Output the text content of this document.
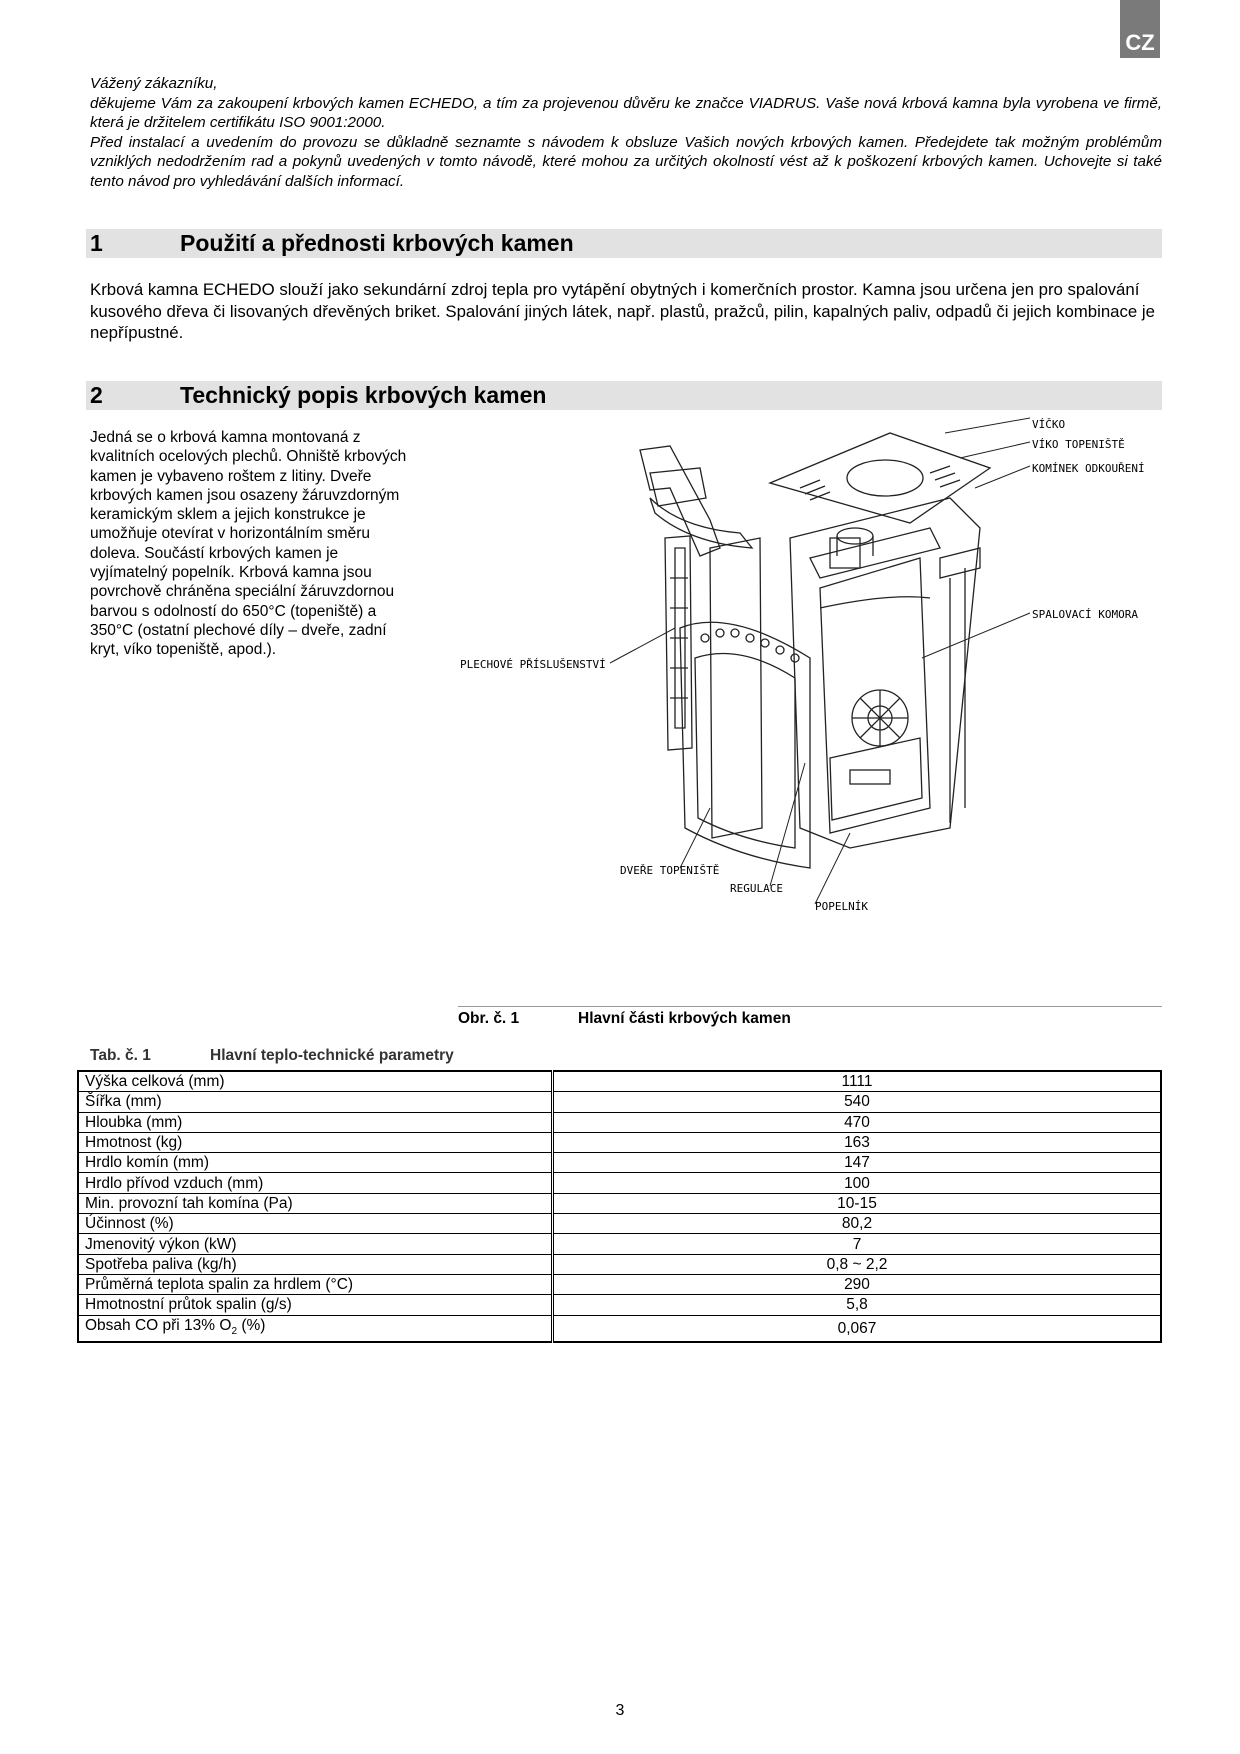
CZ

Vážený zákazníku,

děkujeme Vám za zakoupení krbových kamen ECHEDO, a tím za projevenou důvěru ke značce VIADRUS. Vaše nová krbová kamna byla vyrobena ve firmě, která je držitelem certifikátu ISO 9001:2000.

Před instalací a uvedením do provozu se důkladně seznamte s návodem k obsluze Vašich nových krbových kamen. Předejdete tak možným problémům vzniklých nedodržením rad a pokynů uvedených v tomto návodě, které mohou za určitých okolností vést až k poškození krbových kamen. Uchovejte si také tento návod pro vyhledávání dalších informací.

1	Použití a přednosti krbových kamen
Krbová kamna ECHEDO slouží jako sekundární zdroj tepla pro vytápění obytných i komerčních prostor. Kamna jsou určena jen pro spalování kusového dřeva či lisovaných dřevěných briket. Spalování jiných látek, např. plastů, pražců, pilin, kapalných paliv, odpadů či jejich kombinace je nepřípustné.
2	Technický popis krbových kamen
Jedná se o krbová kamna montovaná z kvalitních ocelových plechů. Ohniště krbových kamen je vybaveno roštem z litiny. Dveře krbových kamen jsou osazeny žáruvzdorným keramickým sklem a jejich konstrukce je umožňuje otevírat v horizontálním směru doleva. Součástí krbových kamen je vyjímatelný popelník. Krbová kamna jsou povrchově chráněna speciální žáruvzdornou barvou s odolností do 650°C (topeniště) a 350°C (ostatní plechové díly – dveře, zadní kryt, víko topeniště, apod.).
VÍČKO
VÍKO TOPENIŠTĚ
KOMÍNEK ODKOUŘENÍ
PLECHOVÉ PŘÍSLUŠENSTVÍ
SPALOVACÍ KOMORA
DVEŘE TOPENIŠTĚ
REGULACE
POPELNÍK
Obr. č. 1	Hlavní části krbových kamen
Tab. č. 1	Hlavní teplo-technické parametry
Výška celková (mm)	1111
Šířka (mm)	540
Hloubka (mm)	470
Hmotnost (kg)	163
Hrdlo komín (mm)	147
Hrdlo přívod vzduch (mm)	100
Min. provozní tah komína (Pa)	10-15
Účinnost (%)	80,2
Jmenovitý výkon (kW)	7
Spotřeba paliva (kg/h)	0,8 ~ 2,2
Průměrná teplota spalin za hrdlem (°C)	290
Hmotnostní průtok spalin (g/s)	5,8
Obsah CO při 13% $O_2$ (%)	0,067
3
